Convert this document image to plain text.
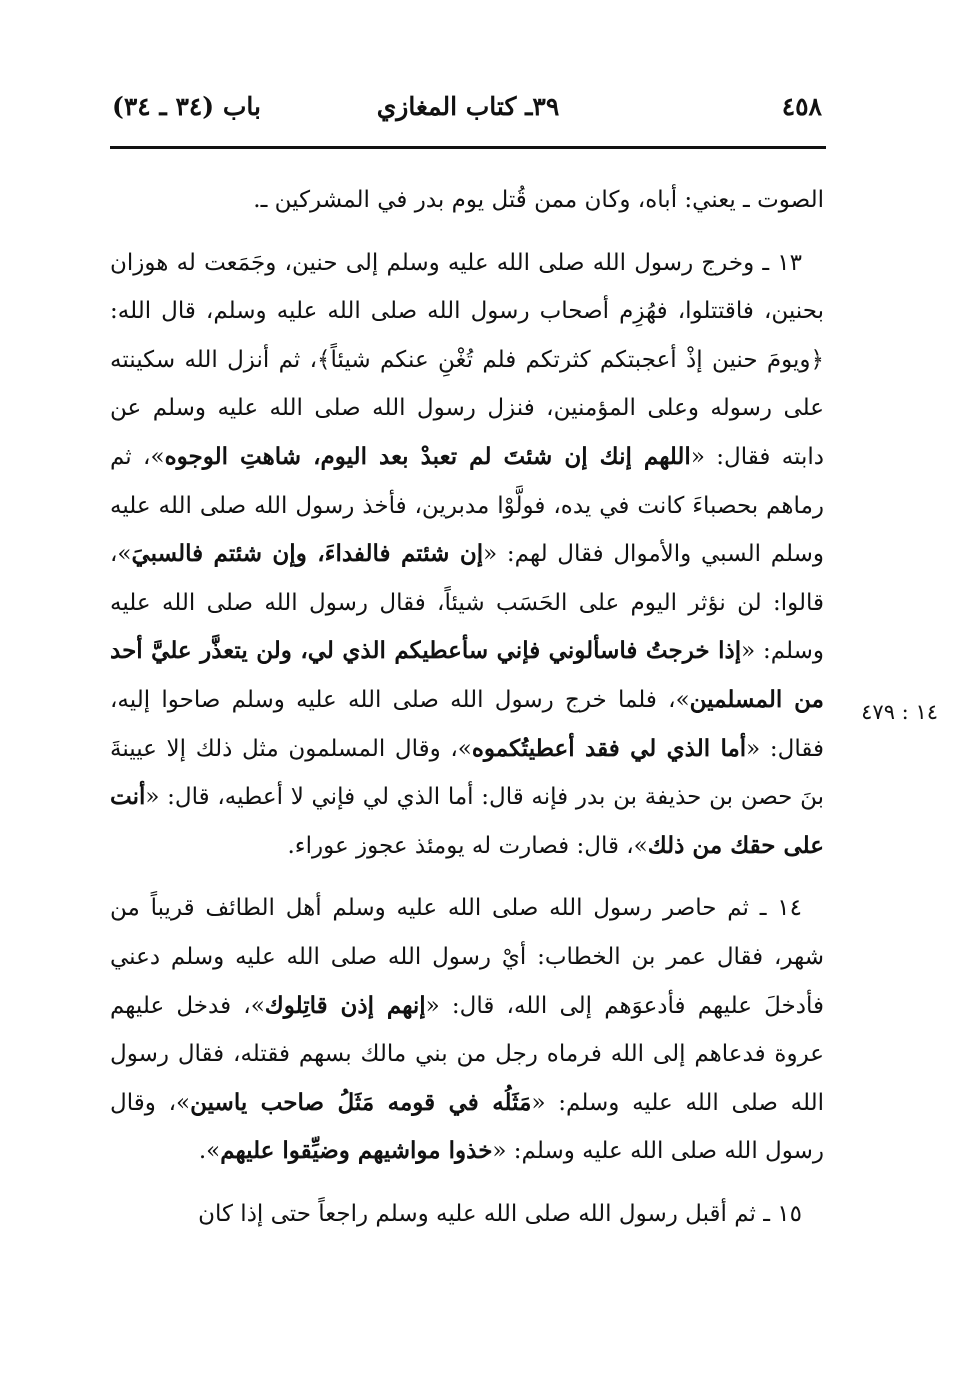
٤٥٨
٣٩ـ كتاب المغازي
باب (٣٤ ـ ٣٤)

الصوت ـ يعني: أباه، وكان ممن قُتل يوم بدر في المشركين ـ.

١٣ ـ وخرج رسول الله صلى الله عليه وسلم إلى حنين، وجَمَعت له هوزان بحنين، فاقتتلوا، فهُزِم أصحاب رسول الله صلى الله عليه وسلم، قال الله: ﴿ويومَ حنين إذْ أعجبتكم كثرتكم فلم تُغْنِ عنكم شيئاً﴾، ثم أنزل الله سكينته على رسوله وعلى المؤمنين، فنزل رسول الله صلى الله عليه وسلم عن دابته فقال: «اللهم إنك إن شئتَ لم تعبدْ بعد اليوم، شاهتِ الوجوه»، ثم رماهم بحصباءَ كانت في يده، فولَّوْا مدبرين، فأخذ رسول الله صلى الله عليه وسلم السبي والأموال فقال لهم: «إن شئتم فالفداءَ، وإن شئتم فالسبيَ»، قالوا: لن نؤثر اليوم على الحَسَب شيئاً، فقال رسول الله صلى الله عليه وسلم: «إذا خرجتُ فاسألوني فإني سأعطيكم الذي لي، ولن يتعذَّر عليَّ أحد من المسلمين»، فلما خرج رسول الله صلى الله عليه وسلم صاحوا إليه، فقال: «أما الذي لي فقد أعطيتُكموه»، وقال المسلمون مثل ذلك إلا عيينةَ بنَ حصن بن حذيفة بن بدر فإنه قال: أما الذي لي فإني لا أعطيه، قال: «أنت على حقك من ذلك»، قال: فصارت له يومئذ عجوز عوراء.

١٤ ـ ثم حاصر رسول الله صلى الله عليه وسلم أهل الطائف قريباً من شهر، فقال عمر بن الخطاب: أيْ رسول الله صلى الله عليه وسلم دعني فأدخلَ عليهم فأدعوَهم إلى الله، قال: «إنهم إذن قاتِلوك»، فدخل عليهم عروة فدعاهم إلى الله فرماه رجل من بني مالك بسهم فقتله، فقال رسول الله صلى الله عليه وسلم: «مَثَلُه في قومه مَثَلُ صاحب ياسين»، وقال رسول الله صلى الله عليه وسلم: «خذوا مواشيهم وضيِّقوا عليهم».

١٥ ـ ثم أقبل رسول الله صلى الله عليه وسلم راجعاً حتى إذا كان

١٤ : ٤٧٩
